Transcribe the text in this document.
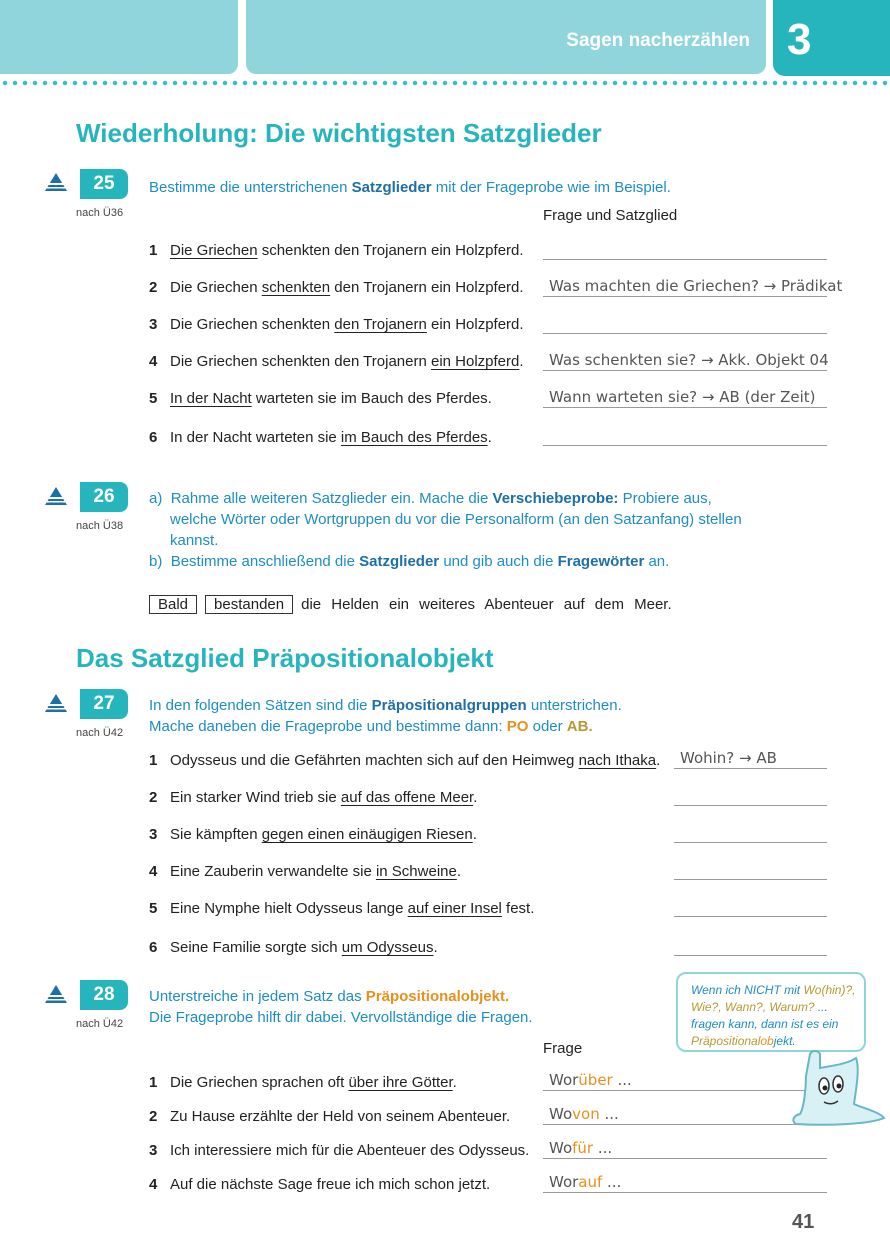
Sagen nacherzählen 3
Wiederholung: Die wichtigsten Satzglieder
25
nach Ü36
Bestimme die unterstrichenen Satzglieder mit der Frageprobe wie im Beispiel.
Frage und Satzglied
1 Die Griechen schenkten den Trojanern ein Holzpferd.
2 Die Griechen schenkten den Trojanern ein Holzpferd.	Was machten die Griechen? → Prädikat
3 Die Griechen schenkten den Trojanern ein Holzpferd.
4 Die Griechen schenkten den Trojanern ein Holzpferd.	Was schenkten sie? → Akk. Objekt 04
5 In der Nacht warteten sie im Bauch des Pferdes.	Wann warteten sie? → AB (der Zeit)
6 In der Nacht warteten sie im Bauch des Pferdes.
26
nach Ü38
a) Rahme alle weiteren Satzglieder ein. Mache die Verschiebeprobe: Probiere aus,
welche Wörter oder Wortgruppen du vor die Personalform (an den Satzanfang) stellen
kannst.
b) Bestimme anschließend die Satzglieder und gib auch die Fragewörter an.
Bald bestanden die Helden ein weiteres Abenteuer auf dem Meer.
Das Satzglied Präpositionalobjekt
27
nach Ü42
In den folgenden Sätzen sind die Präpositionalgruppen unterstrichen.
Mache daneben die Frageprobe und bestimme dann: PO oder AB.
1 Odysseus und die Gefährten machten sich auf den Heimweg nach Ithaka.	Wohin? → AB
2 Ein starker Wind trieb sie auf das offene Meer.
3 Sie kämpften gegen einen einäugigen Riesen.
4 Eine Zauberin verwandelte sie in Schweine.
5 Eine Nymphe hielt Odysseus lange auf einer Insel fest.
6 Seine Familie sorgte sich um Odysseus.
28
nach Ü42
Unterstreiche in jedem Satz das Präpositionalobjekt.
Die Frageprobe hilft dir dabei. Vervollständige die Fragen.
Frage
1 Die Griechen sprachen oft über ihre Götter.	Worüber ...
2 Zu Hause erzählte der Held von seinem Abenteuer.	Wovon ...
3 Ich interessiere mich für die Abenteuer des Odysseus.	Wofür ...
4 Auf die nächste Sage freue ich mich schon jetzt.	Worauf ...
Wenn ich NICHT mit Wo(hin)?,
Wie?, Wann?, Warum? ...
fragen kann, dann ist es ein
Präpositionalobjekt.
41
